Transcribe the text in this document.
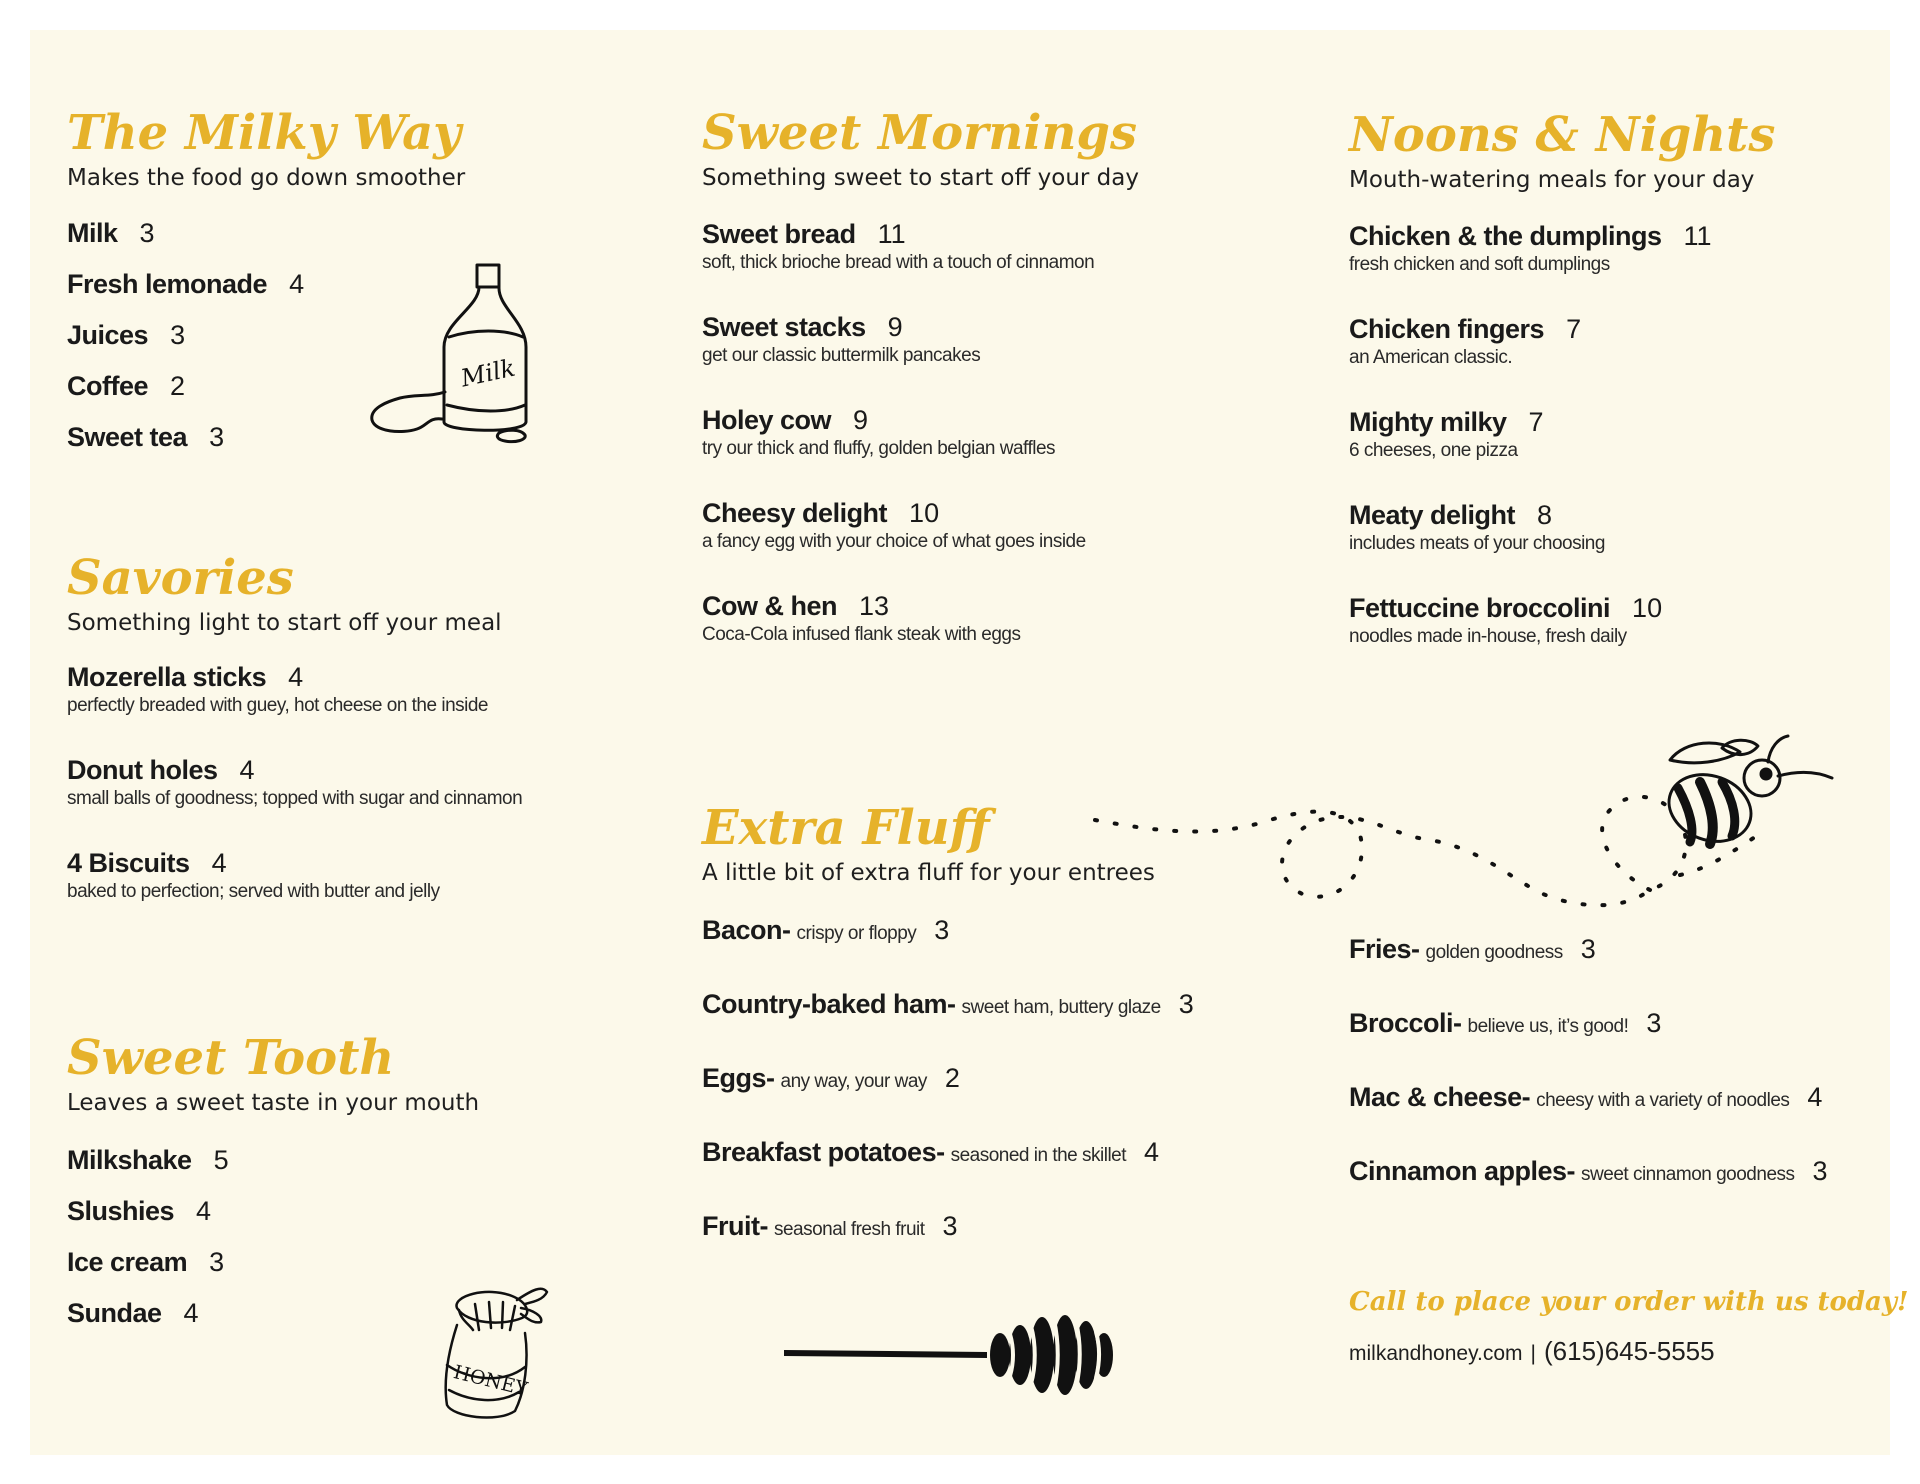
The Milky Way

Makes the food go down smoother

Milk 3
Fresh lemonade 4
Juices 3
Coffee 2
Sweet tea 3
Milk
Savories

Something light to start off your meal

Mozerella sticks 4
perfectly breaded with guey, hot cheese on the inside
Donut holes 4
small balls of goodness; topped with sugar and cinnamon
4 Biscuits 4
baked to perfection; served with butter and jelly
Sweet Tooth

Leaves a sweet taste in your mouth

Milkshake 5
Slushies 4
Ice cream 3
Sundae 4
HONEY
Sweet Mornings

Something sweet to start off your day

Sweet bread 11
soft, thick brioche bread with a touch of cinnamon
Sweet stacks 9
get our classic buttermilk pancakes
Holey cow 9
try our thick and fluffy, golden belgian waffles
Cheesy delight 10
a fancy egg with your choice of what goes inside
Cow & hen 13
Coca-Cola infused flank steak with eggs
Extra Fluff

A little bit of extra fluff for your entrees

Bacon- crispy or floppy 3
Country-baked ham- sweet ham, buttery glaze 3
Eggs- any way, your way 2
Breakfast potatoes- seasoned in the skillet 4
Fruit- seasonal fresh fruit 3
Noons & Nights

Mouth-watering meals for your day

Chicken & the dumplings 11
fresh chicken and soft dumplings
Chicken fingers 7
an American classic.
Mighty milky 7
6 cheeses, one pizza
Meaty delight 8
includes meats of your choosing
Fettuccine broccolini 10
noodles made in-house, fresh daily
Fries- golden goodness 3
Broccoli- believe us, it’s good! 3
Mac & cheese- cheesy with a variety of noodles 4
Cinnamon apples- sweet cinnamon goodness 3

Call to place your order with us today!

milkandhoney.com | (615)645-5555
